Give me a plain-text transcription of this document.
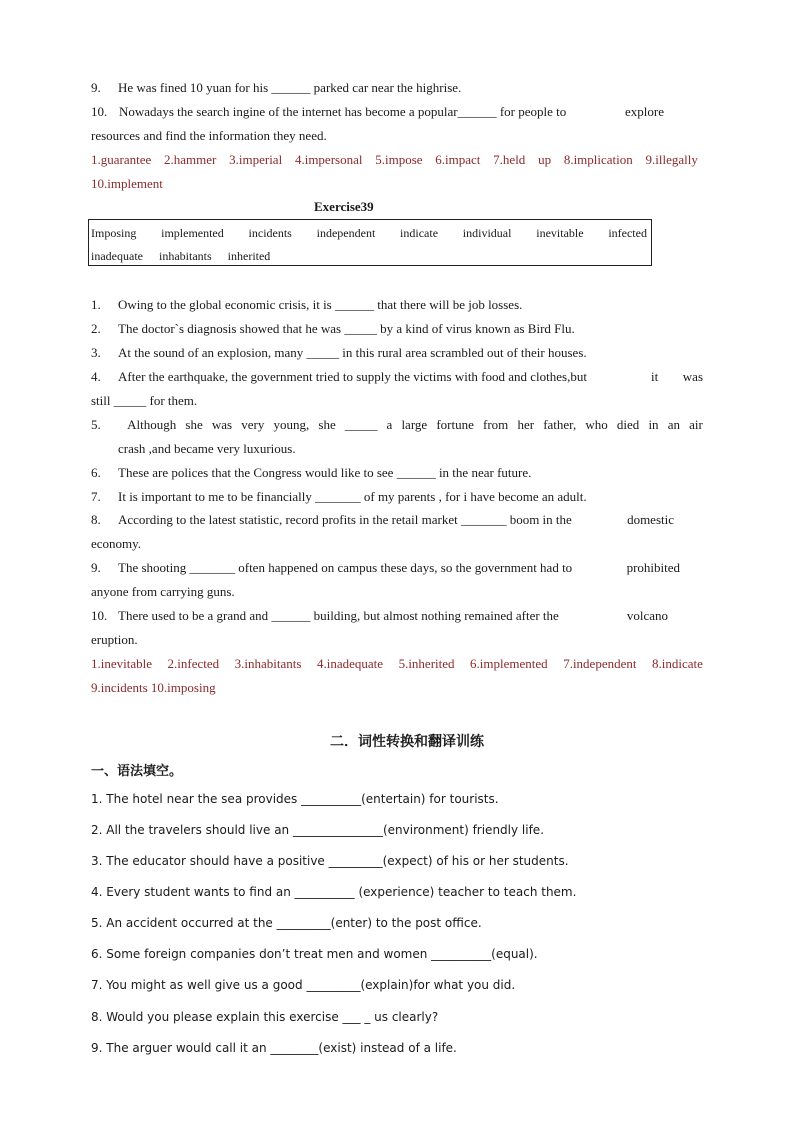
9. He was fined 10 yuan for his ______ parked car near the highrise.
10. Nowadays the search ingine of the internet has become a popular______ for people to	explore
resources and find the information they need.
1.guarantee 2.hammer 3.imperial 4.impersonal 5.impose 6.impact 7.held up 8.implication 9.illegally
10.implement
Exercise39
Imposing implemented incidents independent indicate individual inevitable infected
inadequate inhabitants inherited
1. Owing to the global economic crisis, it is ______ that there will be job losses.
2. The doctor`s diagnosis showed that he was _____ by a kind of virus known as Bird Flu.
3. At the sound of an explosion, many _____ in this rural area scrambled out of their houses.
4. After the earthquake, the government tried to supply the victims with food and clothes,but	it was
still _____ for them.
5.	Although she was very young, she _____ a large fortune from her father, who died in an air
crash ,and became very luxurious.
6. These are polices that the Congress would like to see ______ in the near future.
7. It is important to me to be financially _______ of my parents , for i have become an adult.
8. According to the latest statistic, record profits in the retail market _______ boom in the	domestic
economy.
9. The shooting _______ often happened on campus these days, so the government had to	prohibited
anyone from carrying guns.
10. There used to be a grand and ______ building, but almost nothing remained after the	volcano
eruption.
1.inevitable 2.infected 3.inhabitants 4.inadequate 5.inherited 6.implemented 7.independent 8.indicate
9.incidents 10.imposing
二．词性转换和翻译训练
一、语法填空。
1. The hotel near the sea provides __________(entertain) for tourists.
2. All the travelers should live an _______________(environment) friendly life.
3. The educator should have a positive _________(expect) of his or her students.
4. Every student wants to find an __________ (experience) teacher to teach them.
5. An accident occurred at the _________(enter) to the post office.
6. Some foreign companies don’t treat men and women __________(equal).
7. You might as well give us a good _________(explain)for what you did.
8. Would you please explain this exercise ___ _ us clearly?
9. The arguer would call it an ________(exist) instead of a life.
